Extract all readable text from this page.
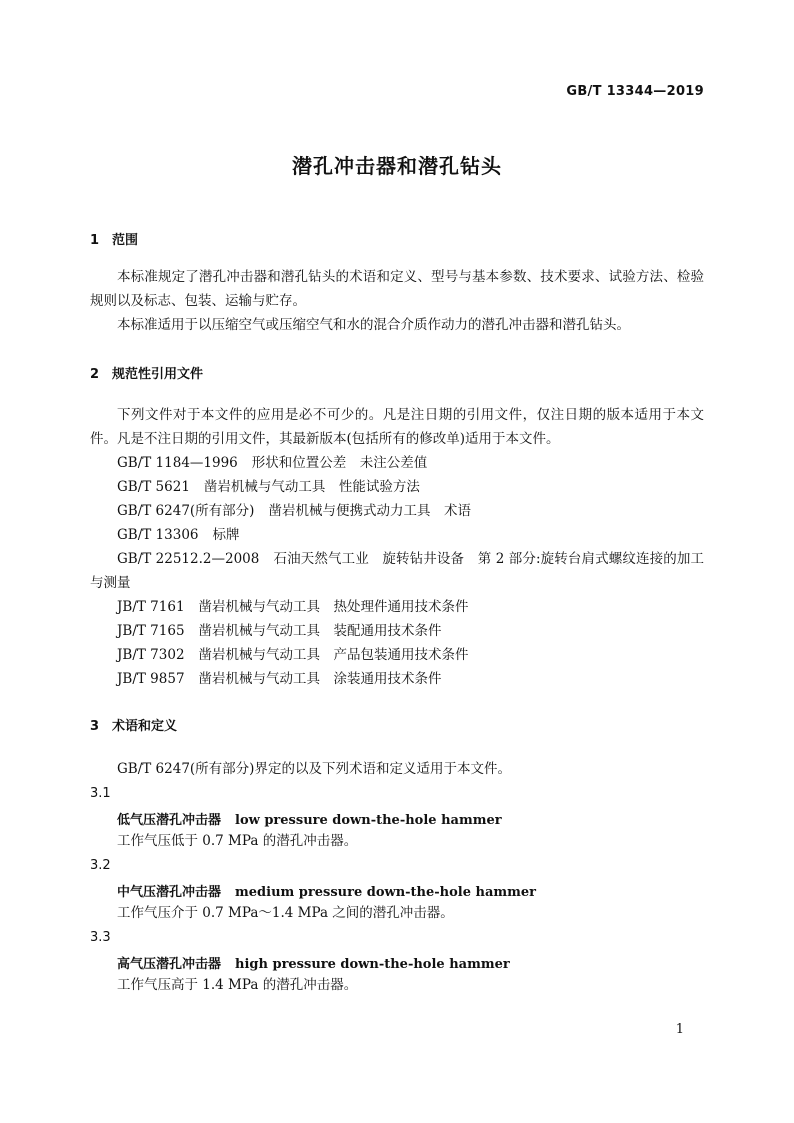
GB/T 13344—2019
潜孔冲击器和潜孔钻头
1 范围
本标准规定了潜孔冲击器和潜孔钻头的术语和定义、型号与基本参数、技术要求、试验方法、检验规则以及标志、包装、运输与贮存。
本标准适用于以压缩空气或压缩空气和水的混合介质作动力的潜孔冲击器和潜孔钻头。
2 规范性引用文件
下列文件对于本文件的应用是必不可少的。凡是注日期的引用文件，仅注日期的版本适用于本文件。凡是不注日期的引用文件，其最新版本(包括所有的修改单)适用于本文件。
GB/T 1184—1996 形状和位置公差　未注公差值
GB/T 5621 凿岩机械与气动工具　性能试验方法
GB/T 6247(所有部分) 凿岩机械与便携式动力工具　术语
GB/T 13306 标牌
GB/T 22512.2—2008 石油天然气工业　旋转钻井设备　第 2 部分:旋转台肩式螺纹连接的加工与测量
JB/T 7161 凿岩机械与气动工具　热处理件通用技术条件
JB/T 7165 凿岩机械与气动工具　装配通用技术条件
JB/T 7302 凿岩机械与气动工具　产品包装通用技术条件
JB/T 9857 凿岩机械与气动工具　涂装通用技术条件
3 术语和定义
GB/T 6247(所有部分)界定的以及下列术语和定义适用于本文件。
3.1
低气压潜孔冲击器 low pressure down-the-hole hammer
工作气压低于 0.7 MPa 的潜孔冲击器。
3.2
中气压潜孔冲击器 medium pressure down-the-hole hammer
工作气压介于 0.7 MPa～1.4 MPa 之间的潜孔冲击器。
3.3
高气压潜孔冲击器 high pressure down-the-hole hammer
工作气压高于 1.4 MPa 的潜孔冲击器。
1
